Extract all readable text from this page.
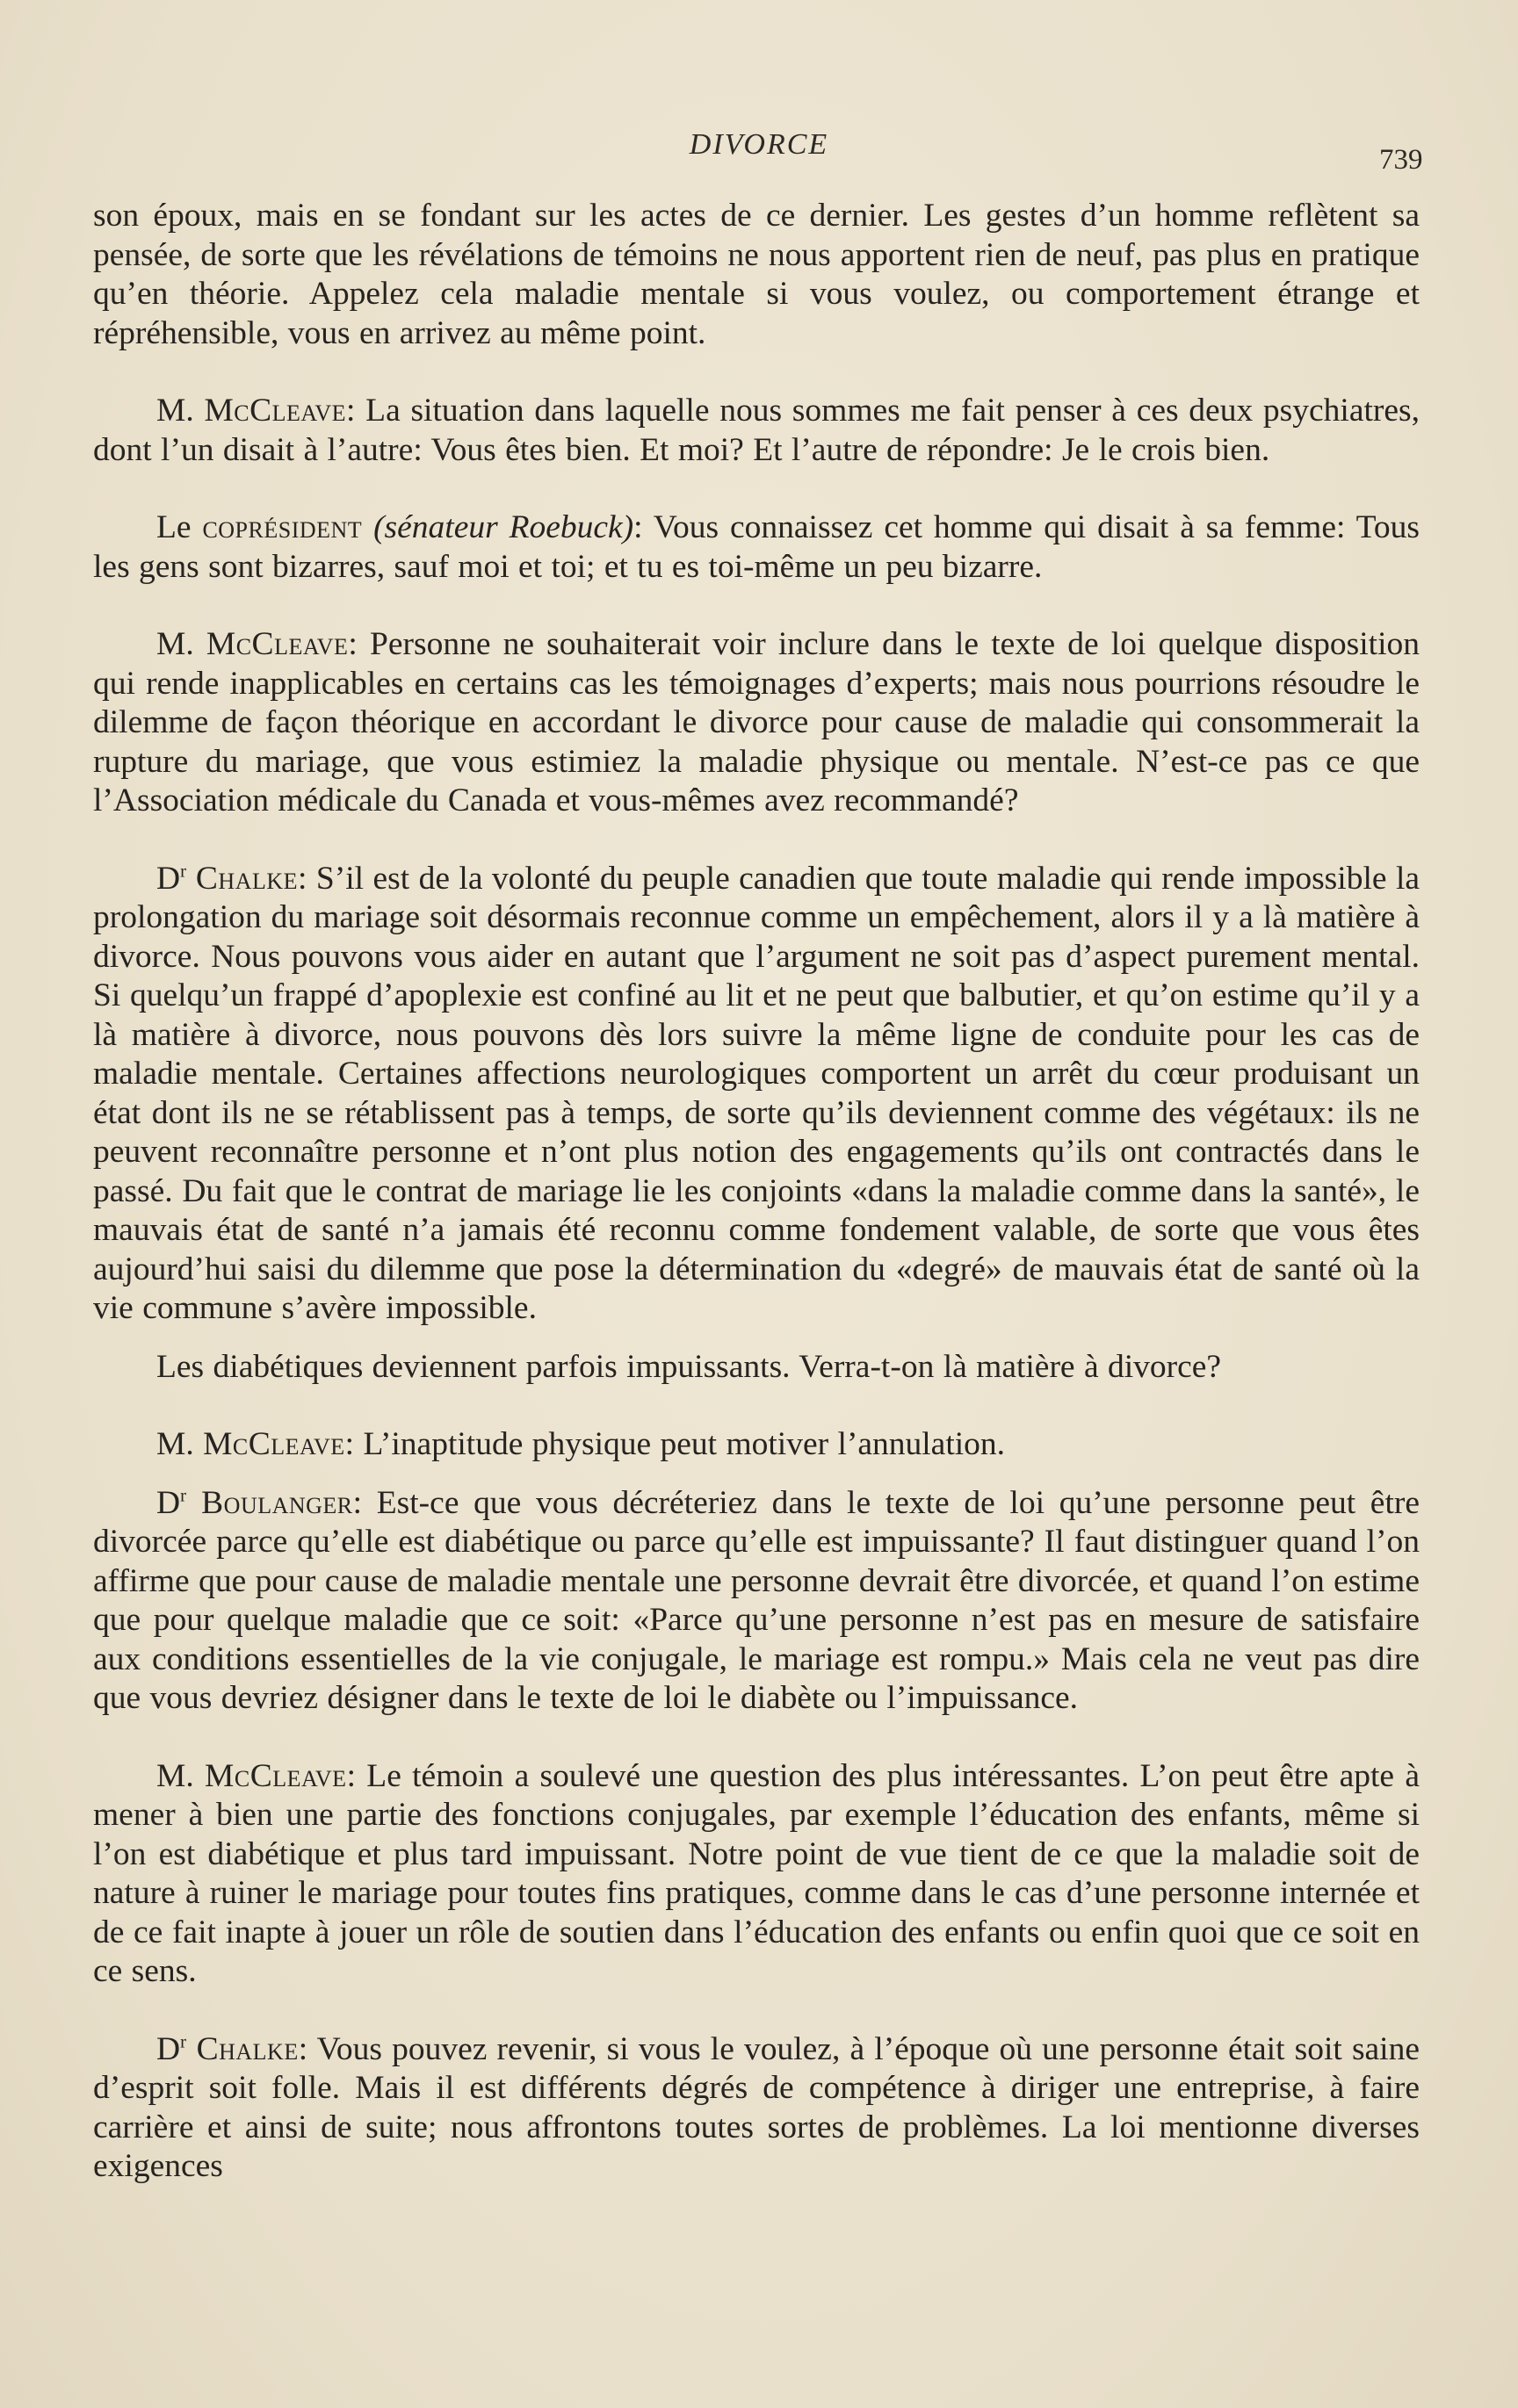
DIVORCE	739

son époux, mais en se fondant sur les actes de ce dernier. Les gestes d’un homme reflètent sa pensée, de sorte que les révélations de témoins ne nous apportent rien de neuf, pas plus en pratique qu’en théorie. Appelez cela maladie mentale si vous voulez, ou comportement étrange et répréhensible, vous en arrivez au même point.

M. McCleave: La situation dans laquelle nous sommes me fait penser à ces deux psychiatres, dont l’un disait à l’autre: Vous êtes bien. Et moi? Et l’autre de répondre: Je le crois bien.

Le coprésident (sénateur Roebuck): Vous connaissez cet homme qui disait à sa femme: Tous les gens sont bizarres, sauf moi et toi; et tu es toi-même un peu bizarre.

M. McCleave: Personne ne souhaiterait voir inclure dans le texte de loi quelque disposition qui rende inapplicables en certains cas les témoignages d’experts; mais nous pourrions résoudre le dilemme de façon théorique en accordant le divorce pour cause de maladie qui consommerait la rupture du mariage, que vous estimiez la maladie physique ou mentale. N’est-ce pas ce que l’Association médicale du Canada et vous-mêmes avez recommandé?

$D^r$ Chalke: S’il est de la volonté du peuple canadien que toute maladie qui rende impossible la prolongation du mariage soit désormais reconnue comme un empêchement, alors il y a là matière à divorce. Nous pouvons vous aider en autant que l’argument ne soit pas d’aspect purement mental. Si quelqu’un frappé d’apoplexie est confiné au lit et ne peut que balbutier, et qu’on estime qu’il y a là matière à divorce, nous pouvons dès lors suivre la même ligne de conduite pour les cas de maladie mentale. Certaines affections neurologiques comportent un arrêt du cœur produisant un état dont ils ne se rétablissent pas à temps, de sorte qu’ils deviennent comme des végétaux: ils ne peuvent reconnaître personne et n’ont plus notion des engagements qu’ils ont contractés dans le passé. Du fait que le contrat de mariage lie les conjoints «dans la maladie comme dans la santé», le mauvais état de santé n’a jamais été reconnu comme fondement valable, de sorte que vous êtes aujourd’hui saisi du dilemme que pose la détermination du «degré» de mauvais état de santé où la vie commune s’avère impossible.

Les diabétiques deviennent parfois impuissants. Verra-t-on là matière à divorce?

M. McCleave: L’inaptitude physique peut motiver l’annulation.

$D^r$ Boulanger: Est-ce que vous décréteriez dans le texte de loi qu’une personne peut être divorcée parce qu’elle est diabétique ou parce qu’elle est impuissante? Il faut distinguer quand l’on affirme que pour cause de maladie mentale une personne devrait être divorcée, et quand l’on estime que pour quelque maladie que ce soit: «Parce qu’une personne n’est pas en mesure de satisfaire aux conditions essentielles de la vie conjugale, le mariage est rompu.» Mais cela ne veut pas dire que vous devriez désigner dans le texte de loi le diabète ou l’impuissance.

M. McCleave: Le témoin a soulevé une question des plus intéressantes. L’on peut être apte à mener à bien une partie des fonctions conjugales, par exemple l’éducation des enfants, même si l’on est diabétique et plus tard impuissant. Notre point de vue tient de ce que la maladie soit de nature à ruiner le mariage pour toutes fins pratiques, comme dans le cas d’une personne internée et de ce fait inapte à jouer un rôle de soutien dans l’éducation des enfants ou enfin quoi que ce soit en ce sens.

$D^r$ Chalke: Vous pouvez revenir, si vous le voulez, à l’époque où une personne était soit saine d’esprit soit folle. Mais il est différents dégrés de compétence à diriger une entreprise, à faire carrière et ainsi de suite; nous affrontons toutes sortes de problèmes. La loi mentionne diverses exigences
